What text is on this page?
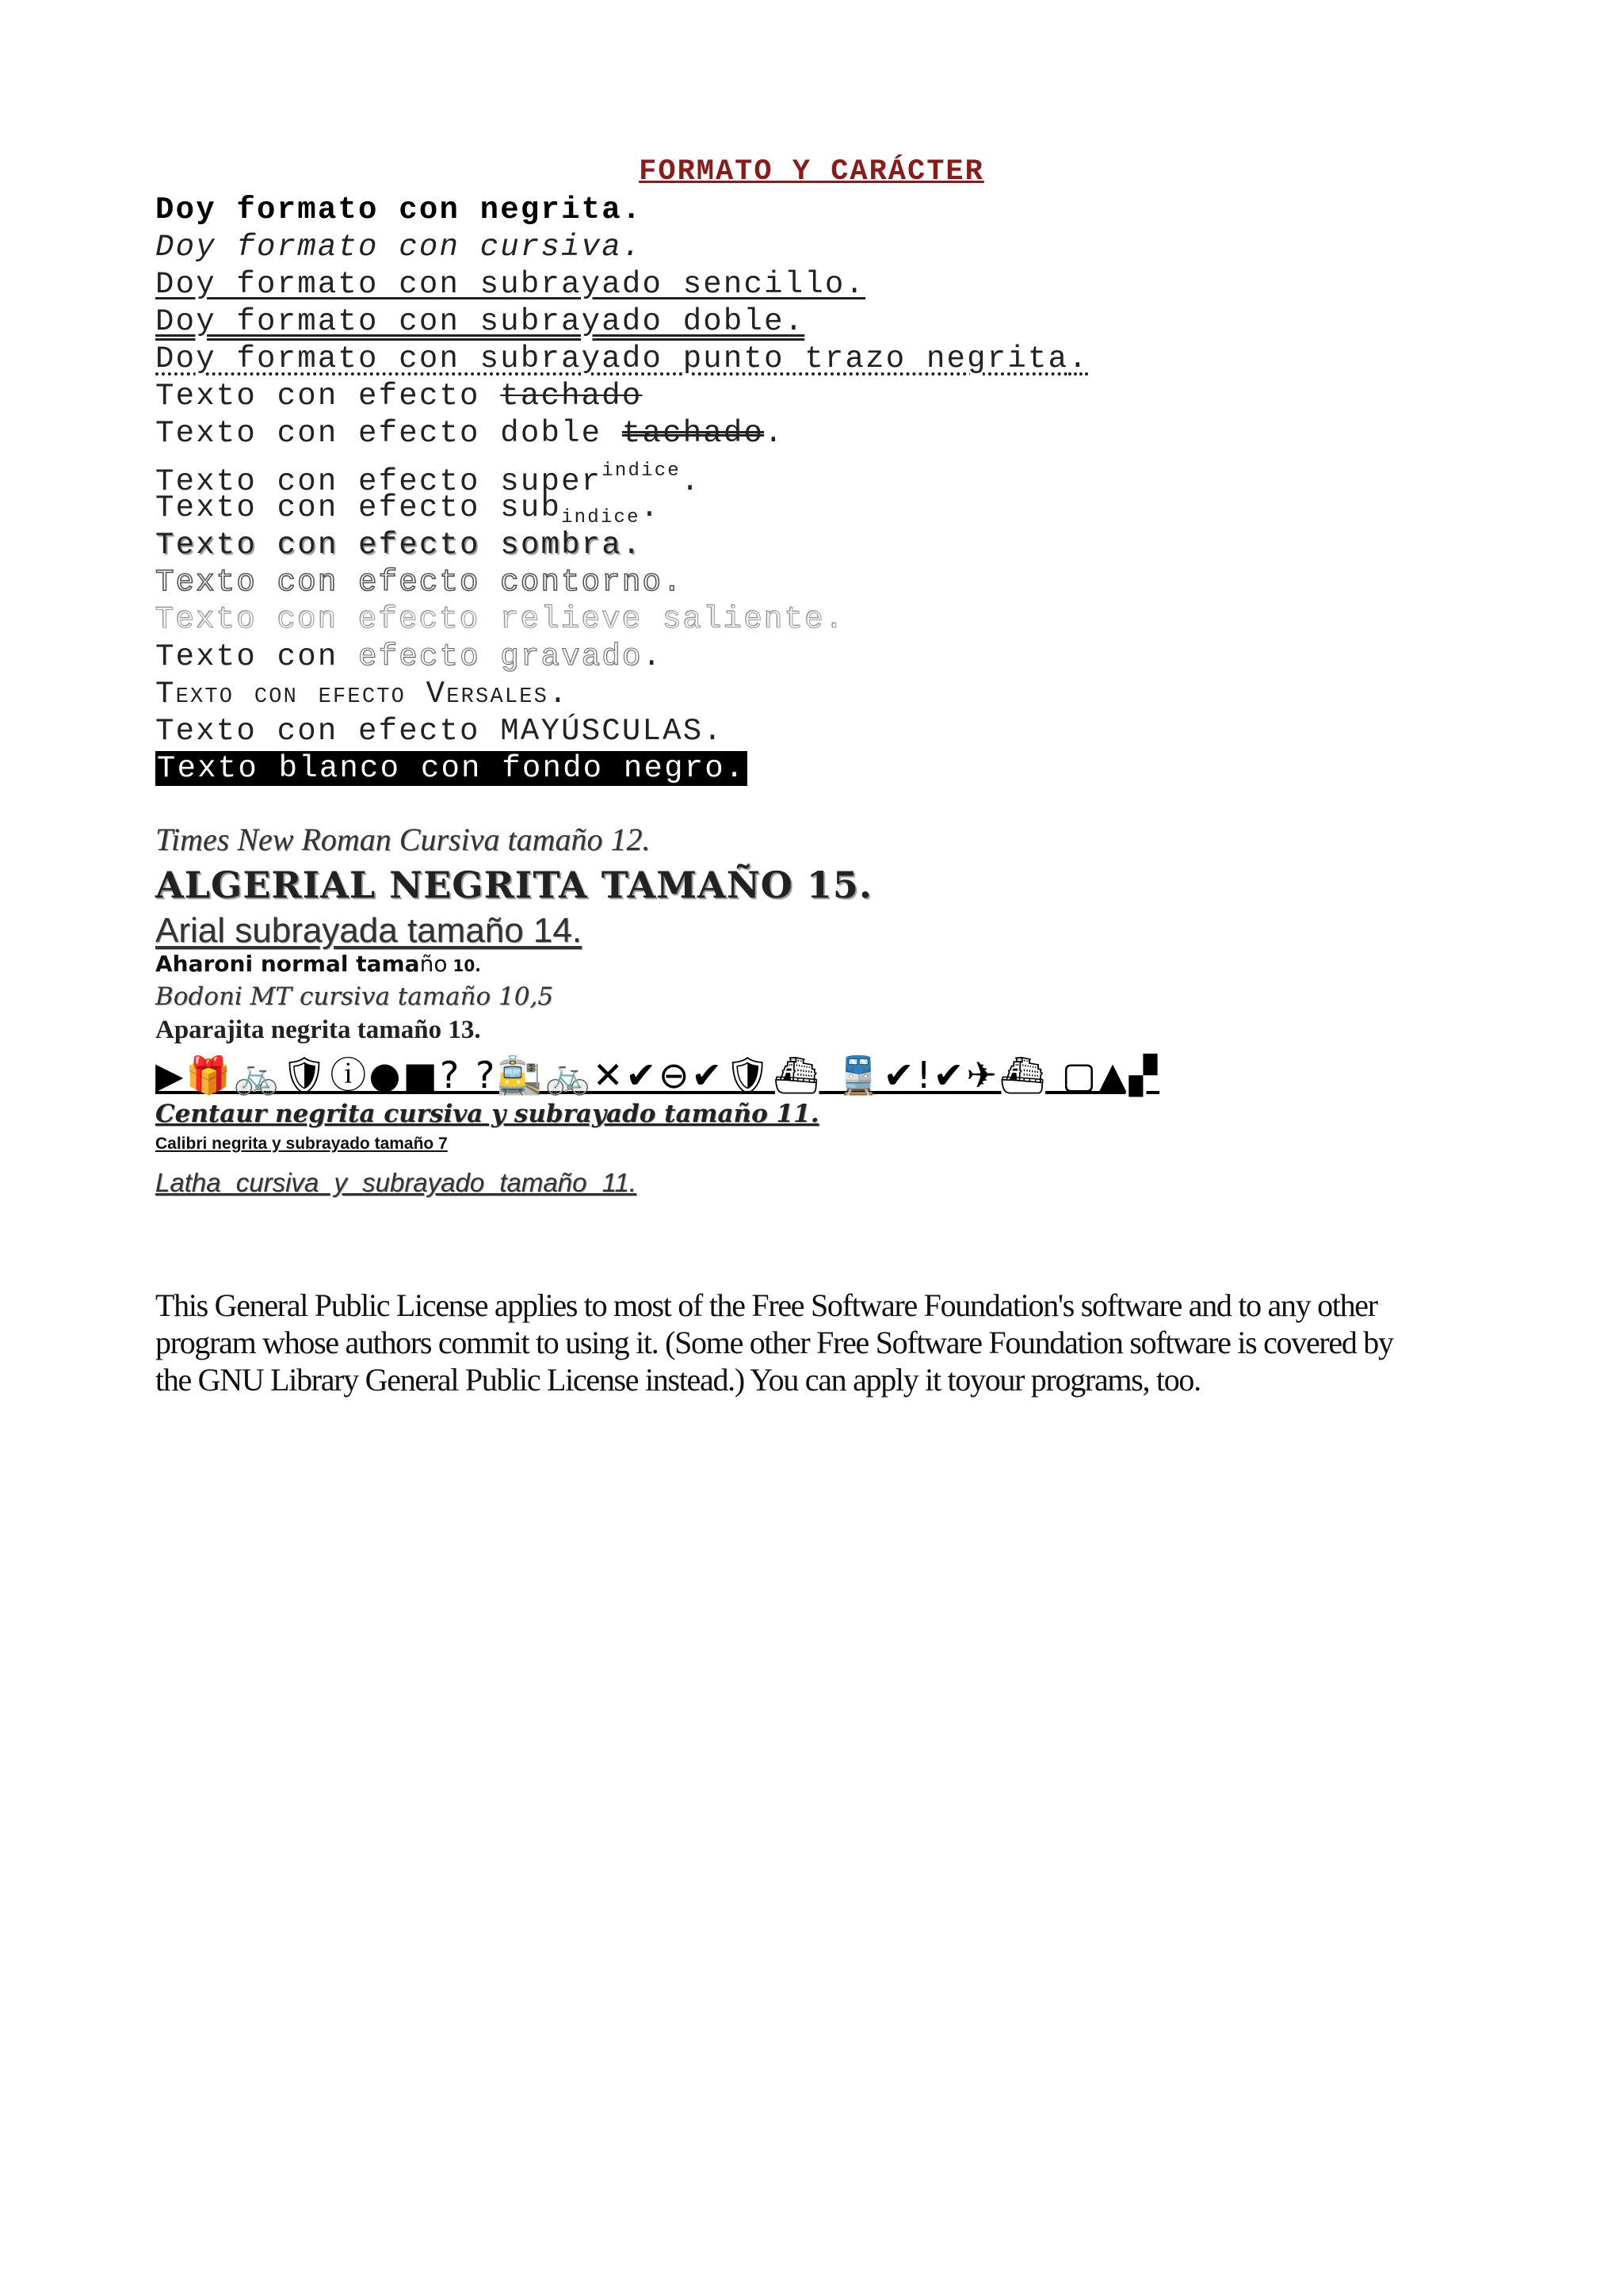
FORMATO Y CARÁCTER
Doy formato con negrita.
Doy formato con cursiva.
Doy formato con subrayado sencillo.
Doy formato con subrayado doble.
Doy formato con subrayado punto trazo negrita.
Texto con efecto tachado
Texto con efecto doble tachado.
Texto con efecto super$^{indice}$.
Texto con efecto sub$_{indice}$.
Texto con efecto sombra.
Texto con efecto contorno.
Texto con efecto relieve saliente.
Texto con efecto gravado.
Texto con efecto Versales.
Texto con efecto MAYÚSCULAS.
Texto blanco con fondo negro.
Times New Roman Cursiva tamaño 12.
ALGERIAL NEGRITA TAMAÑO 15.
Arial subrayada tamaño 14.
Aharoni normal tamaño 10.
Bodoni MT cursiva tamaño 10,5
Aparajita negrita tamaño 13.
▶🎁🚲🛡ⓘ●■? ?🚉🚲✕✔⊖✔🛡⛴ 🚆✔!✔✈⛴ ▢▲▞
Centaur negrita cursiva y subrayado tamaño 11.
Calibri negrita y subrayado tamaño 7
Latha cursiva y subrayado tamaño 11.
This General Public License applies to most of the Free Software Foundation's software and to any other program whose authors commit to using it. (Some other Free Software Foundation software is covered by the GNU Library General Public License instead.) You can apply it toyour programs, too.
